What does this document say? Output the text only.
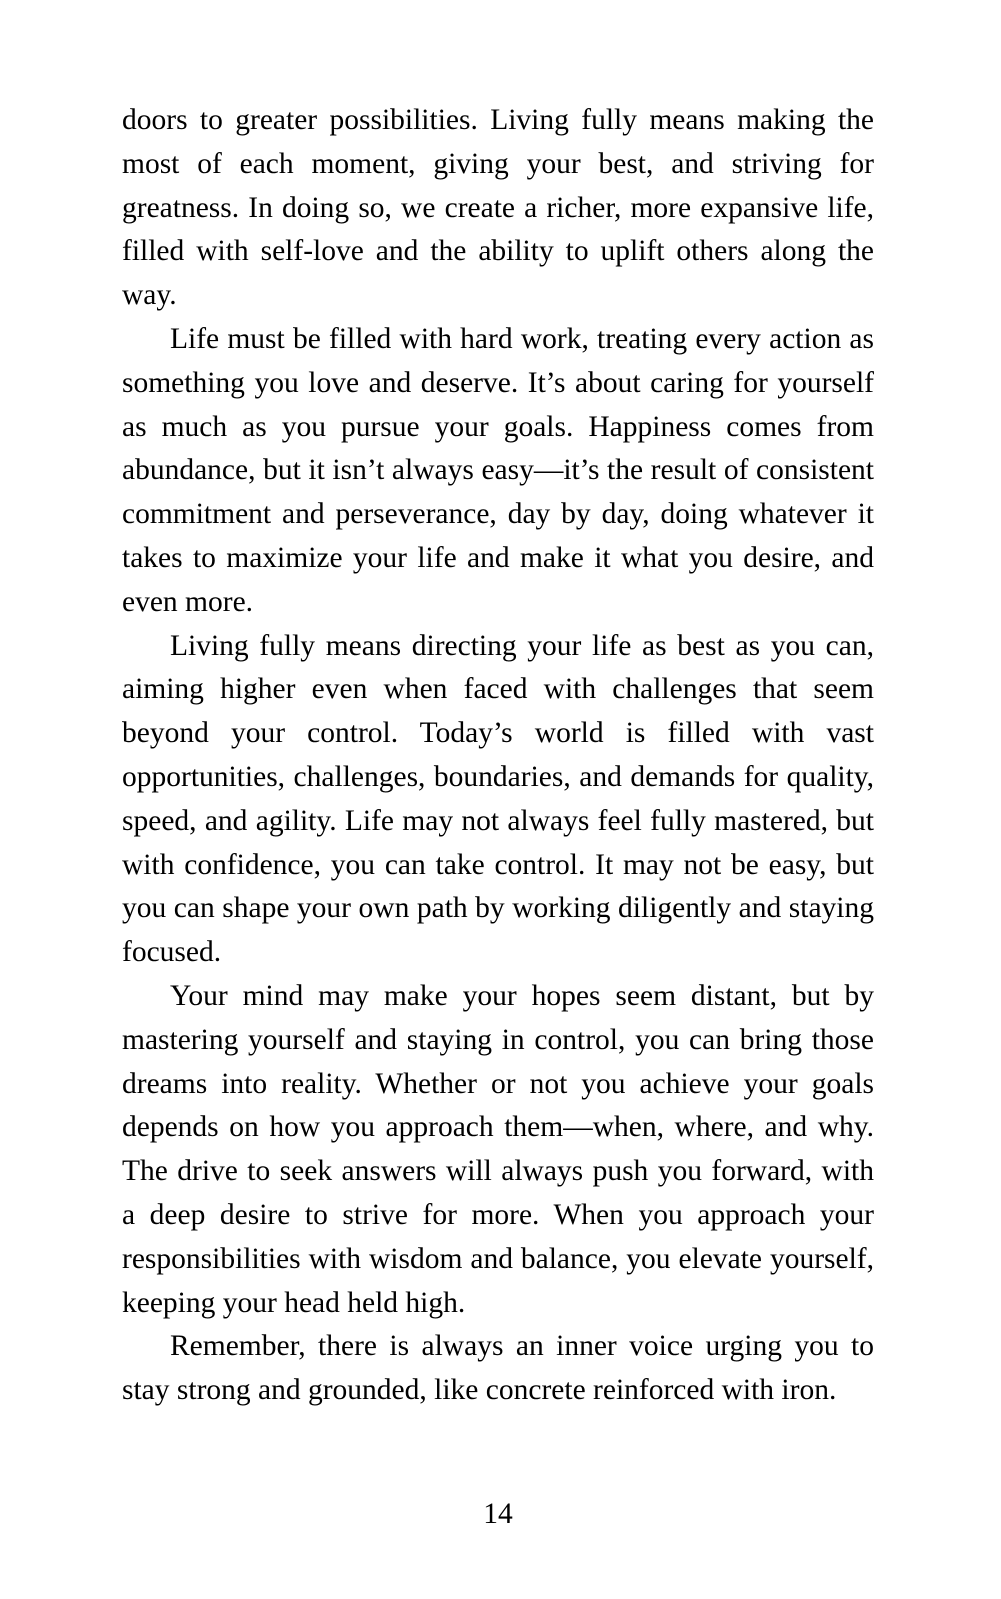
doors to greater possibilities. Living fully means making the most of each moment, giving your best, and striving for greatness. In doing so, we create a richer, more expansive life, filled with self-love and the ability to uplift others along the way.

Life must be filled with hard work, treating every action as something you love and deserve. It’s about caring for yourself as much as you pursue your goals. Happiness comes from abundance, but it isn’t always easy—it’s the result of consistent commitment and perseverance, day by day, doing whatever it takes to maximize your life and make it what you desire, and even more.

Living fully means directing your life as best as you can, aiming higher even when faced with challenges that seem beyond your control. Today’s world is filled with vast opportunities, challenges, boundaries, and demands for quality, speed, and agility. Life may not always feel fully mastered, but with confidence, you can take control. It may not be easy, but you can shape your own path by working diligently and staying focused.

Your mind may make your hopes seem distant, but by mastering yourself and staying in control, you can bring those dreams into reality. Whether or not you achieve your goals depends on how you approach them—when, where, and why. The drive to seek answers will always push you forward, with a deep desire to strive for more. When you approach your responsibilities with wisdom and balance, you elevate yourself, keeping your head held high.

Remember, there is always an inner voice urging you to stay strong and grounded, like concrete reinforced with iron.

14
